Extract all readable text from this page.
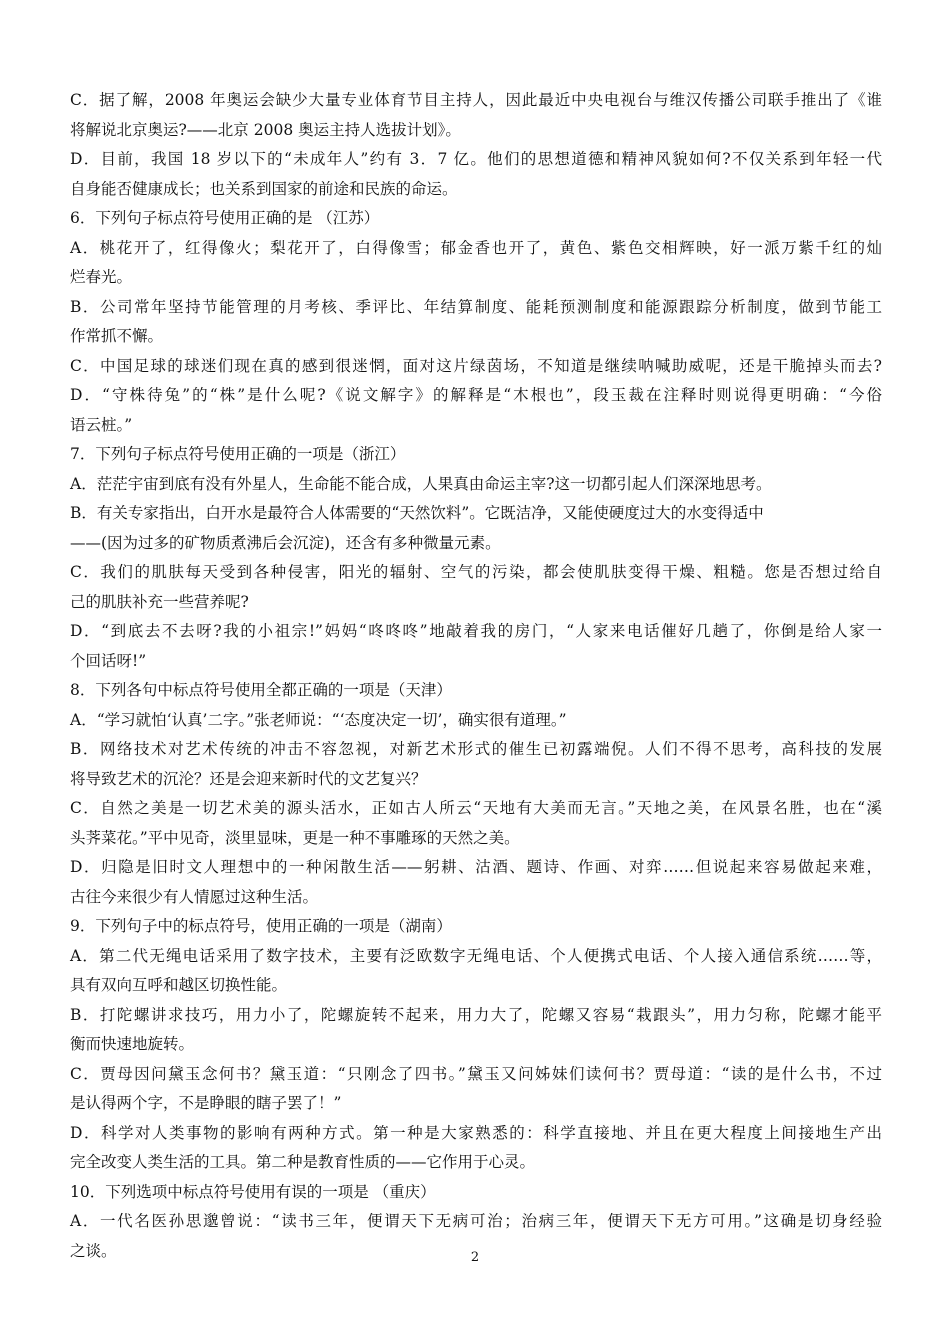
C．据了解，2008 年奥运会缺少大量专业体育节目主持人，因此最近中央电视台与维汉传播公司联手推出了《谁
将解说北京奥运?——北京 2008 奥运主持人选拔计划》。
D．目前，我国 18 岁以下的“未成年人”约有 3．7 亿。他们的思想道德和精神风貌如何?不仅关系到年轻一代
自身能否健康成长；也关系到国家的前途和民族的命运。
6．下列句子标点符号使用正确的是 （江苏）
A．桃花开了，红得像火；梨花开了，白得像雪；郁金香也开了，黄色、紫色交相辉映，好一派万紫千红的灿
烂春光。
B．公司常年坚持节能管理的月考核、季评比、年结算制度、能耗预测制度和能源跟踪分析制度，做到节能工
作常抓不懈。
C．中国足球的球迷们现在真的感到很迷惘，面对这片绿茵场，不知道是继续呐喊助威呢，还是干脆掉头而去?
D．“守株待兔”的“株”是什么呢?《说文解字》的解释是“木根也”，段玉裁在注释时则说得更明确：“今俗
语云桩。”
7．下列句子标点符号使用正确的一项是（浙江）
A．茫茫宇宙到底有没有外星人，生命能不能合成，人果真由命运主宰?这一切都引起人们深深地思考。
B．有关专家指出，白开水是最符合人体需要的“天然饮料”。它既洁净，又能使硬度过大的水变得适中
——(因为过多的矿物质煮沸后会沉淀)，还含有多种微量元素。
C．我们的肌肤每天受到各种侵害，阳光的辐射、空气的污染，都会使肌肤变得干燥、粗糙。您是否想过给自
己的肌肤补充一些营养呢?
D．“到底去不去呀?我的小祖宗!”妈妈“咚咚咚”地敲着我的房门，“人家来电话催好几趟了，你倒是给人家一
个回话呀!”
8．下列各句中标点符号使用全都正确的一项是（天津）
A．“学习就怕‘认真’二字。”张老师说：“‘态度决定一切’，确实很有道理。”
B．网络技术对艺术传统的冲击不容忽视，对新艺术形式的催生已初露端倪。人们不得不思考，高科技的发展
将导致艺术的沉沦？还是会迎来新时代的文艺复兴？
C．自然之美是一切艺术美的源头活水，正如古人所云“天地有大美而无言。”天地之美，在风景名胜，也在“溪
头荠菜花。”平中见奇，淡里显味，更是一种不事雕琢的天然之美。
D．归隐是旧时文人理想中的一种闲散生活——躬耕、沽酒、题诗、作画、对弈……但说起来容易做起来难，
古往今来很少有人情愿过这种生活。
9．下列句子中的标点符号，使用正确的一项是（湖南）
A．第二代无绳电话采用了数字技术，主要有泛欧数字无绳电话、个人便携式电话、个人接入通信系统……等，
具有双向互呼和越区切换性能。
B．打陀螺讲求技巧，用力小了，陀螺旋转不起来，用力大了，陀螺又容易“栽跟头”，用力匀称，陀螺才能平
衡而快速地旋转。
C．贾母因问黛玉念何书？黛玉道：“只刚念了四书。”黛玉又问姊妹们读何书？贾母道：“读的是什么书，不过
是认得两个字，不是睁眼的瞎子罢了！”
D．科学对人类事物的影响有两种方式。第一种是大家熟悉的：科学直接地、并且在更大程度上间接地生产出
完全改变人类生活的工具。第二种是教育性质的——它作用于心灵。
10．下列选项中标点符号使用有误的一项是 （重庆）
A．一代名医孙思邈曾说：“读书三年，便谓天下无病可治；治病三年，便谓天下无方可用。”这确是切身经验
之谈。	2
